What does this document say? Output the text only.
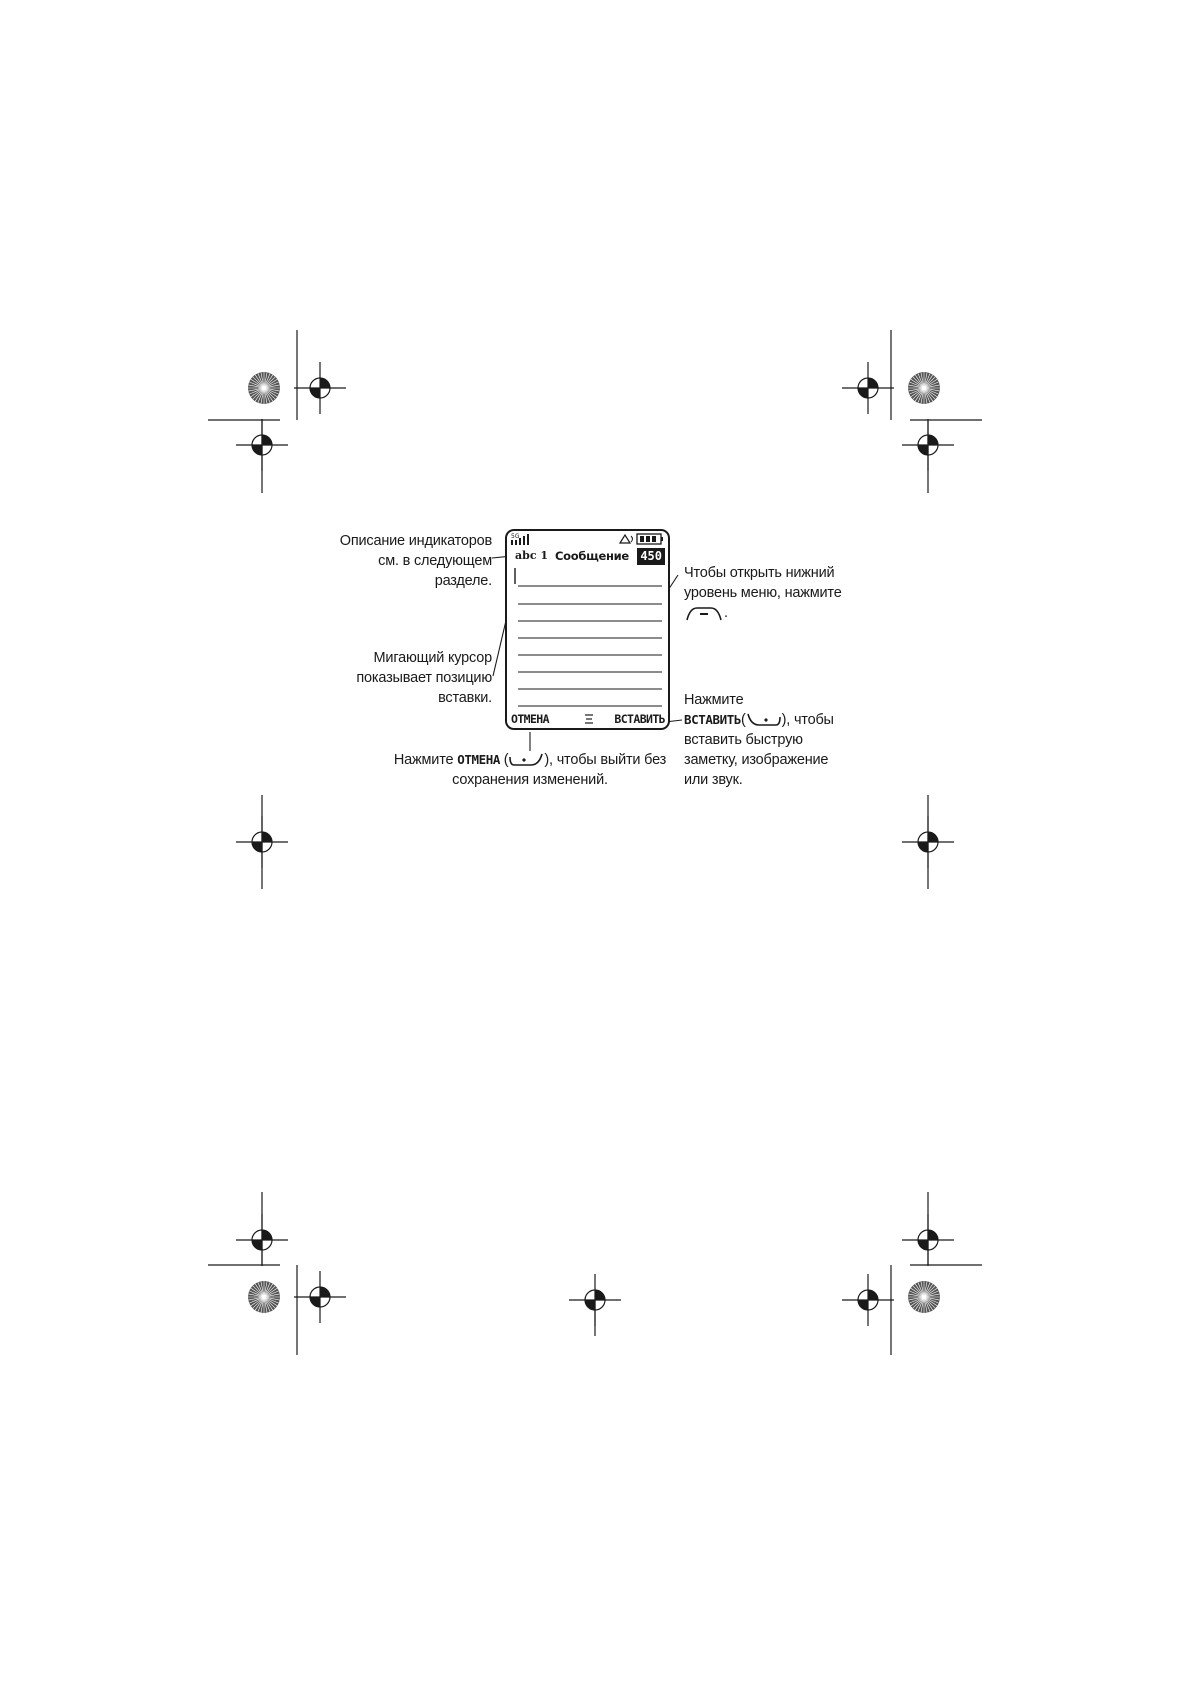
5G
abc 1 Сообщение 450
ОТМЕНА	ВСТАВИТЬ
Описание индикаторов
см. в следующем
разделе.
Мигающий курсор
показывает позицию
вставки.
Чтобы открыть нижний
уровень меню, нажмите
.
Нажмите
ВСТАВИТЬ( ), чтобы
вставить быструю
заметку, изображение
или звук.
Нажмите ОТМЕНА ( ), чтобы выйти без
сохранения изменений.
